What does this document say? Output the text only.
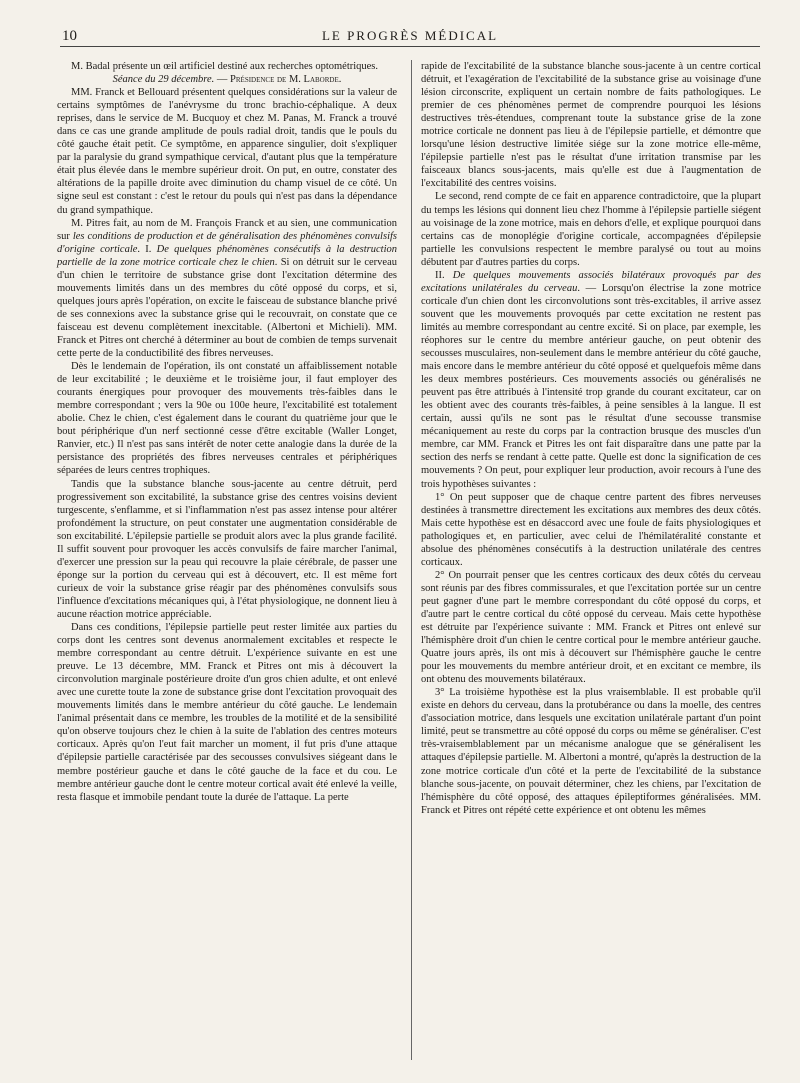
10	LE PROGRÈS MÉDICAL

M. Badal présente un œil artificiel destiné aux recherches optométriques.

Séance du 29 décembre. — Présidence de M. Laborde.

MM. Franck et Bellouard présentent quelques considérations sur la valeur de certains symptômes de l'anévrysme du tronc brachio-céphalique. A deux reprises, dans le service de M. Bucquoy et chez M. Panas, M. Franck a trouvé dans ce cas une grande amplitude de pouls radial droit, tandis que le pouls du côté gauche était petit. Ce symptôme, en apparence singulier, doit s'expliquer par la paralysie du grand sympathique cervical, d'autant plus que la température était plus élevée dans le membre supérieur droit. On put, en outre, constater des altérations de la papille droite avec diminution du champ visuel de ce côté. Un signe seul est constant : c'est le retour du pouls qui n'est pas dans la dépendance du grand sympathique.

M. Pitres fait, au nom de M. François Franck et au sien, une communication sur les conditions de production et de généralisation des phénomènes convulsifs d'origine corticale. I. De quelques phénomènes consécutifs à la destruction partielle de la zone motrice corticale chez le chien. Si on détruit sur le cerveau d'un chien le territoire de substance grise dont l'excitation détermine des mouvements limités dans un des membres du côté opposé du corps, et si, quelques jours après l'opération, on excite le faisceau de substance blanche privé de ses connexions avec la substance grise qui le recouvrait, on constate que ce faisceau est devenu complètement inexcitable. (Albertoni et Michieli). MM. Franck et Pitres ont cherché à déterminer au bout de combien de temps survenait cette perte de la conductibilité des fibres nerveuses.

Dès le lendemain de l'opération, ils ont constaté un affaiblissement notable de leur excitabilité ; le deuxième et le troisième jour, il faut employer des courants énergiques pour provoquer des mouvements très-faibles dans le membre correspondant ; vers la 90e ou 100e heure, l'excitabilité est totalement abolie. Chez le chien, c'est également dans le courant du quatrième jour que le bout périphérique d'un nerf sectionné cesse d'être excitable (Waller Longet, Ranvier, etc.) Il n'est pas sans intérêt de noter cette analogie dans la durée de la persistance des propriétés des fibres nerveuses centrales et périphériques séparées de leurs centres trophiques.

Tandis que la substance blanche sous-jacente au centre détruit, perd progressivement son excitabilité, la substance grise des centres voisins devient turgescente, s'enflamme, et si l'inflammation n'est pas assez intense pour altérer profondément la structure, on peut constater une augmentation considérable de son excitabilité. L'épilepsie partielle se produit alors avec la plus grande facilité. Il suffit souvent pour provoquer les accès convulsifs de faire marcher l'animal, d'exercer une pression sur la peau qui recouvre la plaie cérébrale, de passer une éponge sur la portion du cerveau qui est à découvert, etc. Il est même fort curieux de voir la substance grise réagir par des phénomènes convulsifs sous l'influence d'excitations mécaniques qui, à l'état physiologique, ne donnent lieu à aucune réaction motrice appréciable.

Dans ces conditions, l'épilepsie partielle peut rester limitée aux parties du corps dont les centres sont devenus anormalement excitables et respecte le membre correspondant au centre détruit. L'expérience suivante en est une preuve. Le 13 décembre, MM. Franck et Pitres ont mis à découvert la circonvolution marginale postérieure droite d'un gros chien adulte, et ont enlevé avec une curette toute la zone de substance grise dont l'excitation provoquait des mouvements limités dans le membre antérieur du côté gauche. Le lendemain l'animal présentait dans ce membre, les troubles de la motilité et de la sensibilité qu'on observe toujours chez le chien à la suite de l'ablation des centres moteurs corticaux. Après qu'on l'eut fait marcher un moment, il fut pris d'une attaque d'épilepsie partielle caractérisée par des secousses convulsives siégeant dans le membre postérieur gauche et dans le côté gauche de la face et du cou. Le membre antérieur gauche dont le centre moteur cortical avait été enlevé la veille, resta flasque et immobile pendant toute la durée de l'attaque. La perte

rapide de l'excitabilité de la substance blanche sous-jacente à un centre cortical détruit, et l'exagération de l'excitabilité de la substance grise au voisinage d'une lésion circonscrite, expliquent un certain nombre de faits pathologiques. Le premier de ces phénomènes permet de comprendre pourquoi les lésions destructives très-étendues, comprenant toute la substance grise de la zone motrice corticale ne donnent pas lieu à de l'épilepsie partielle, et démontre que lorsqu'une lésion destructive limitée siége sur la zone motrice elle-même, l'épilepsie partielle n'est pas le résultat d'une irritation transmise par les faisceaux blancs sous-jacents, mais qu'elle est due à l'augmentation de l'excitabilité des centres voisins.

Le second, rend compte de ce fait en apparence contradictoire, que la plupart du temps les lésions qui donnent lieu chez l'homme à l'épilepsie partielle siégent au voisinage de la zone motrice, mais en dehors d'elle, et explique pourquoi dans certains cas de monoplégie d'origine corticale, accompagnées d'épilepsie partielle les convulsions respectent le membre paralysé ou tout au moins débutent par d'autres parties du corps.

II. De quelques mouvements associés bilatéraux provoqués par des excitations unilatérales du cerveau. — Lorsqu'on électrise la zone motrice corticale d'un chien dont les circonvolutions sont très-excitables, il arrive assez souvent que les mouvements provoqués par cette excitation ne restent pas limités au membre correspondant au centre excité. Si on place, par exemple, les réophores sur le centre du membre antérieur gauche, on peut obtenir des secousses musculaires, non-seulement dans le membre antérieur du côté gauche, mais encore dans le membre antérieur du côté opposé et quelquefois même dans les deux membres postérieurs. Ces mouvements associés ou généralisés ne peuvent pas être attribués à l'intensité trop grande du courant excitateur, car on les obtient avec des courants très-faibles, à peine sensibles à la langue. Il est certain, aussi qu'ils ne sont pas le résultat d'une secousse transmise mécaniquement au reste du corps par la contraction brusque des muscles d'un membre, car MM. Franck et Pitres les ont fait disparaître dans une patte par la section des nerfs se rendant à cette patte. Quelle est donc la signification de ces mouvements ? On peut, pour expliquer leur production, avoir recours à l'une des trois hypothèses suivantes :

1° On peut supposer que de chaque centre partent des fibres nerveuses destinées à transmettre directement les excitations aux membres des deux côtés. Mais cette hypothèse est en désaccord avec une foule de faits physiologiques et pathologiques et, en particulier, avec celui de l'hémilatéralité constante et absolue des phénomènes consécutifs à la destruction unilatérale des centres corticaux.

2° On pourrait penser que les centres corticaux des deux côtés du cerveau sont réunis par des fibres commissurales, et que l'excitation portée sur un centre peut gagner d'une part le membre correspondant du côté opposé du corps, et d'autre part le centre cortical du côté opposé du cerveau. Mais cette hypothèse est détruite par l'expérience suivante : MM. Franck et Pitres ont enlevé sur l'hémisphère droit d'un chien le centre cortical pour le membre antérieur gauche. Quatre jours après, ils ont mis à découvert sur l'hémisphère gauche le centre pour les mouvements du membre antérieur droit, et en excitant ce membre, ils ont obtenu des mouvements bilatéraux.

3° La troisième hypothèse est la plus vraisemblable. Il est probable qu'il existe en dehors du cerveau, dans la protubérance ou dans la moelle, des centres d'association motrice, dans lesquels une excitation unilatérale partant d'un point limité, peut se transmettre au côté opposé du corps ou même se généraliser. C'est très-vraisemblablement par un mécanisme analogue que se généralisent les attaques d'épilepsie partielle. M. Albertoni a montré, qu'après la destruction de la zone motrice corticale d'un côté et la perte de l'excitabilité de la substance blanche sous-jacente, on pouvait déterminer, chez les chiens, par l'excitation de l'hémisphère du côté opposé, des attaques épileptiformes généralisées. MM. Franck et Pitres ont répété cette expérience et ont obtenu les mêmes
